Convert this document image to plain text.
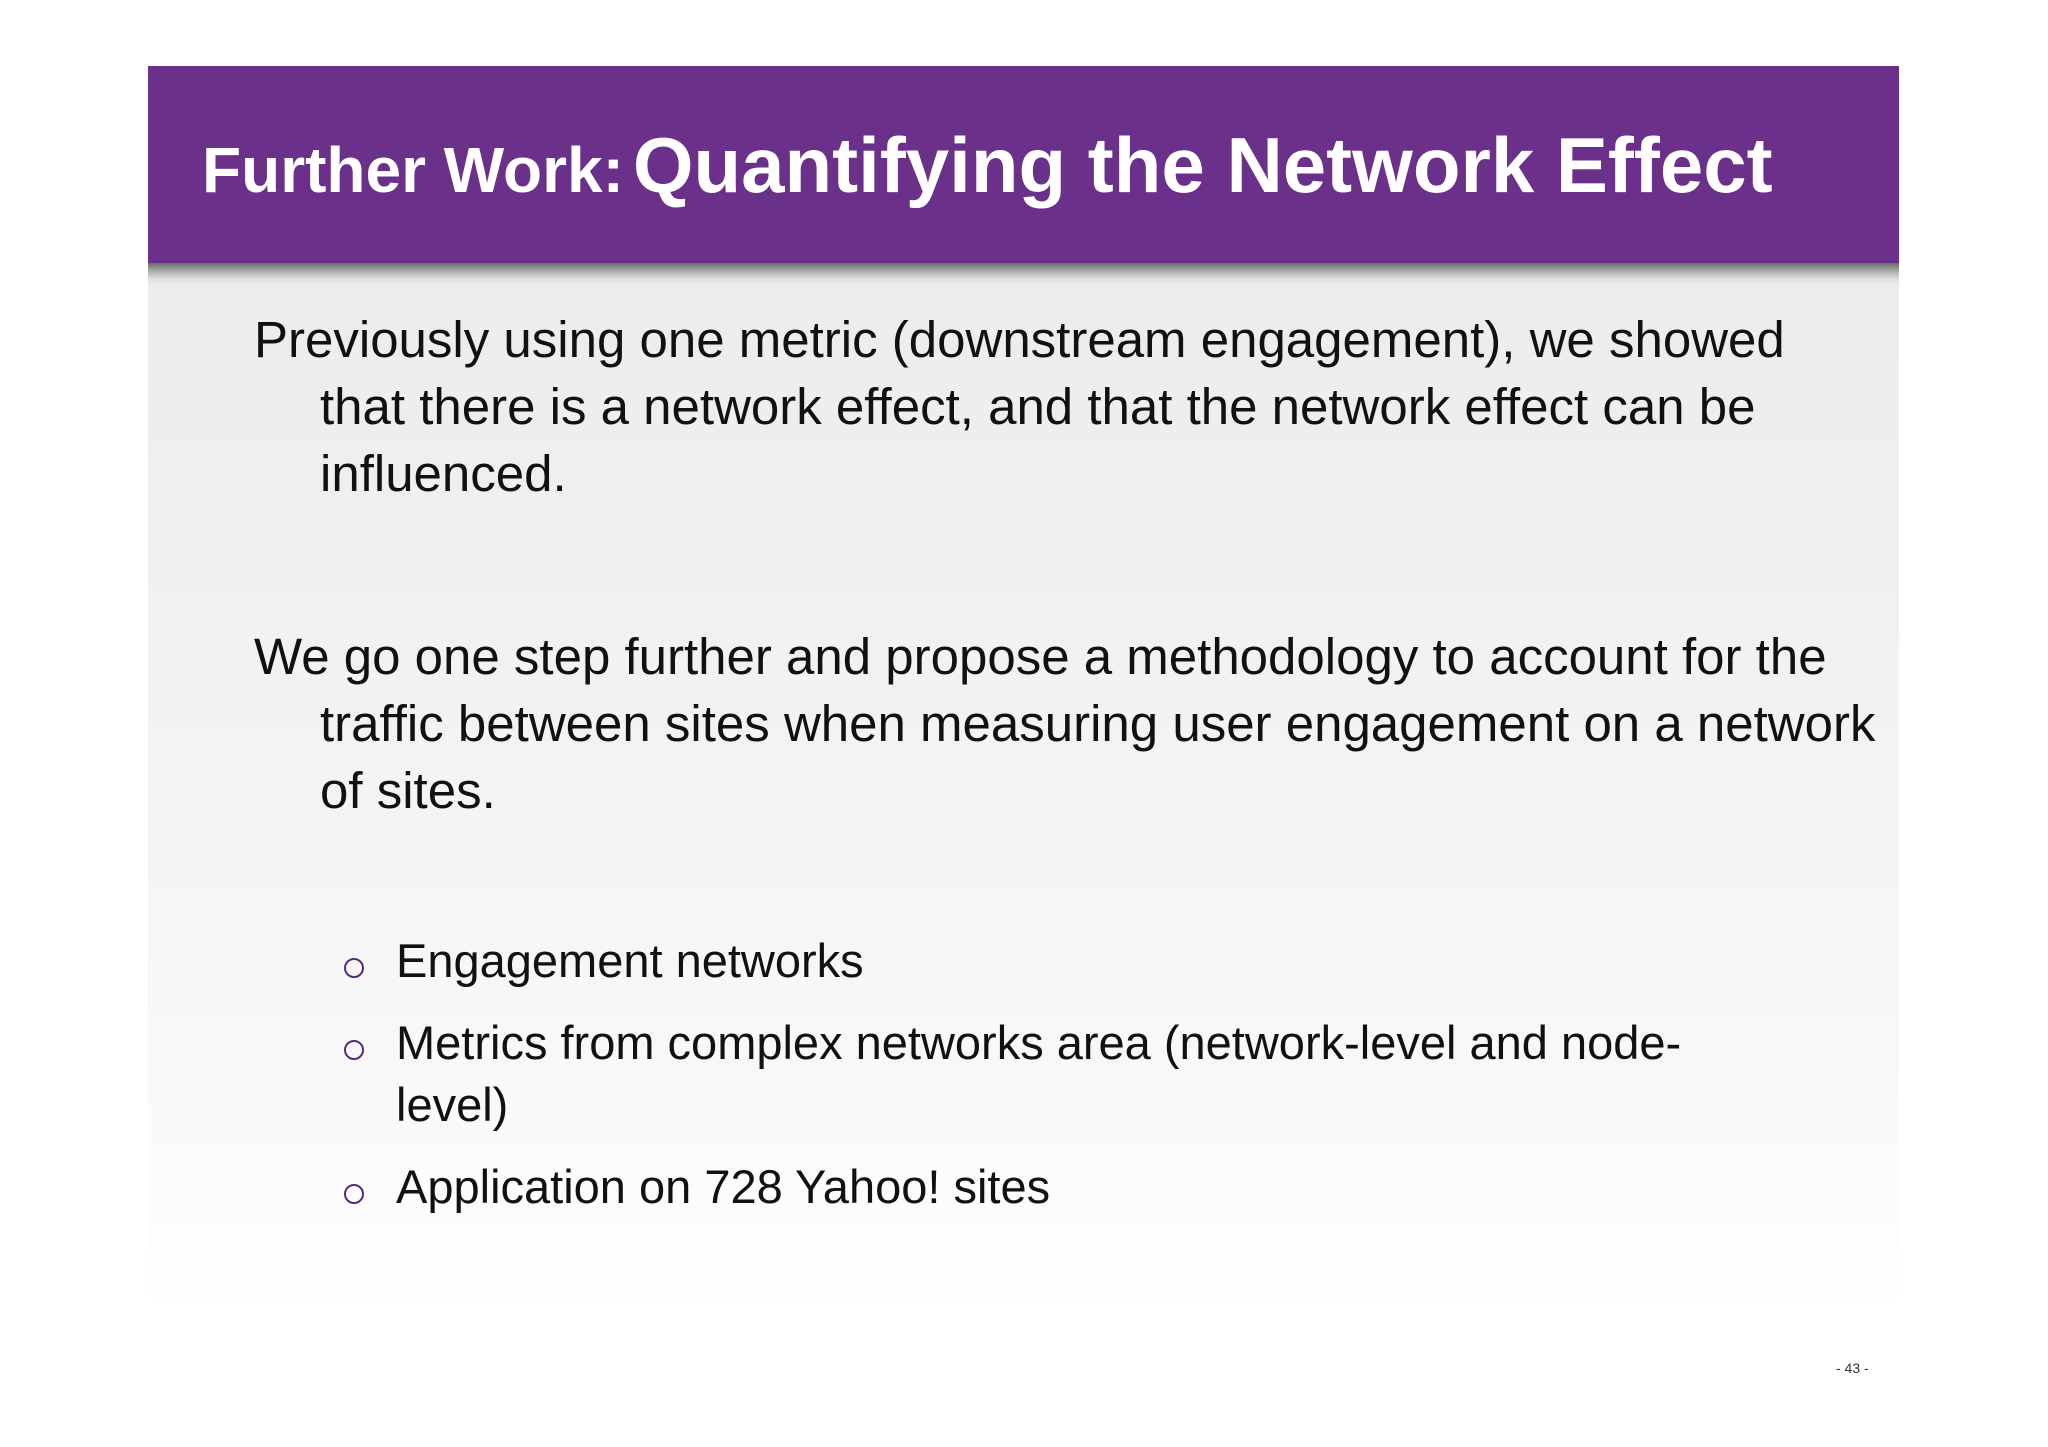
Further Work: Quantifying the Network Effect

Previously using one metric (downstream engagement), we showed that there is a network effect, and that the network effect can be influenced.

We go one step further and propose a methodology to account for the traffic between sites when measuring user engagement on a network of sites.

Engagement networks
Metrics from complex networks area (network-level and node-level)
Application on 728 Yahoo! sites
- 43 -
